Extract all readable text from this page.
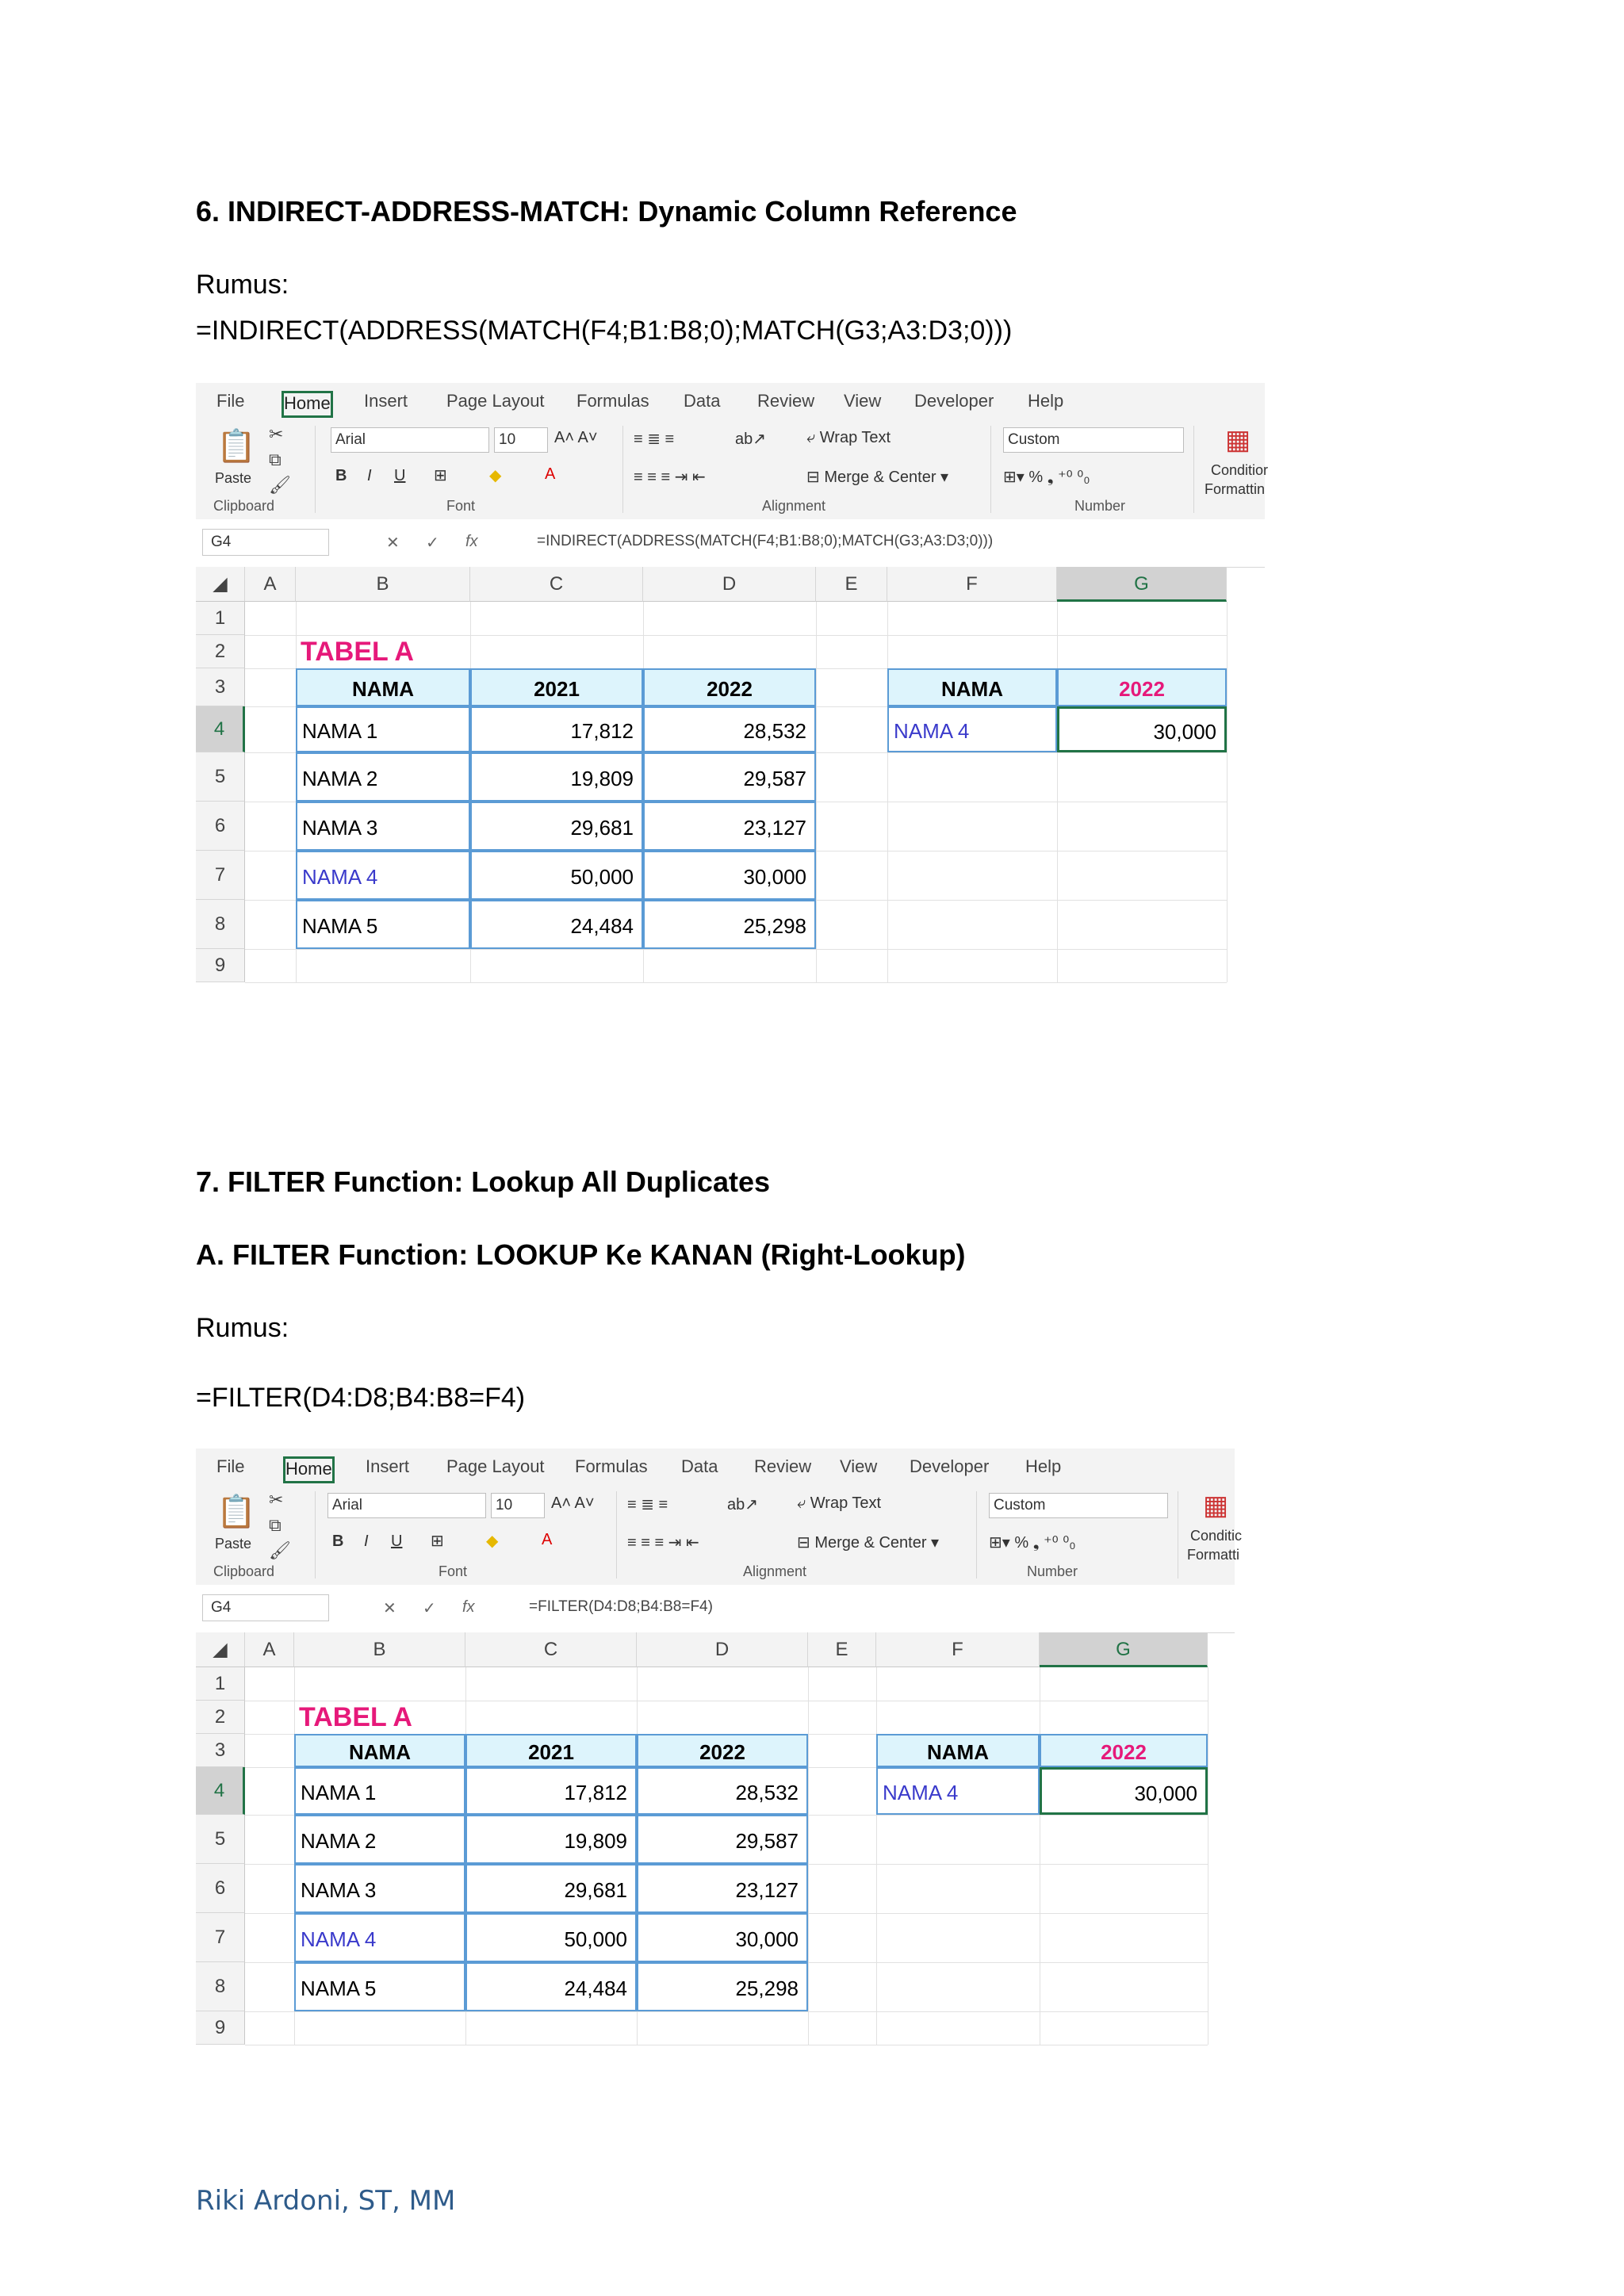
6. INDIRECT-ADDRESS-MATCH: Dynamic Column Reference
Rumus:
=INDIRECT(ADDRESS(MATCH(F4;B1:B8;0);MATCH(G3;A3:D3;0)))
File Home Insert Page Layout Formulas Data Review View Developer Help
📋
Paste
✂
⧉
🖌
Clipboard
Arial	10	A˄ A˅
B I U ⊞	◆	A
Font
≡ ≣ ≡
≡ ≡ ≡ ⇥ ⇤
ab↗	⤶ Wrap Text
⊟ Merge & Center ▾
Alignment
Custom
⊞▾ % ❟ ⁺⁰ ⁰₀
Number
▦
Conditior
Formattin
G4	✕ ✓ fx	=INDIRECT(ADDRESS(MATCH(F4;B1:B8;0);MATCH(G3;A3:D3;0)))
◢	A	B	C	D	E	F	G
1
2
3
4
5
6
7
8
9
TABEL A
NAMA	2021	2022
NAMA 1	17,812	28,532
NAMA 2	19,809	29,587
NAMA 3	29,681	23,127
NAMA 4	50,000	30,000
NAMA 5	24,484	25,298
NAMA	2022
NAMA 4	30,000
7. FILTER Function: Lookup All Duplicates
A. FILTER Function: LOOKUP Ke KANAN (Right-Lookup)
Rumus:
=FILTER(D4:D8;B4:B8=F4)
File Home Insert Page Layout Formulas Data Review View Developer Help
📋
Paste
✂
⧉
🖌
Clipboard
Arial	10	A˄ A˅
B I U ⊞	◆	A
Font
≡ ≣ ≡
≡ ≡ ≡ ⇥ ⇤
ab↗ ⤶ Wrap Text
⊟ Merge & Center ▾
Alignment
Custom
⊞▾ % ❟ ⁺⁰ ⁰₀
Number
▦
Conditic
Formatti
G4	✕ ✓ fx	=FILTER(D4:D8;B4:B8=F4)
◢	A	B	C	D	E	F	G
1
2
3
4
5
6
7
8
9
TABEL A
NAMA	2021	2022
NAMA 1	17,812	28,532
NAMA 2	19,809	29,587
NAMA 3	29,681	23,127
NAMA 4	50,000	30,000
NAMA 5	24,484	25,298
NAMA	2022
NAMA 4	30,000
Riki Ardoni, ST, MM
